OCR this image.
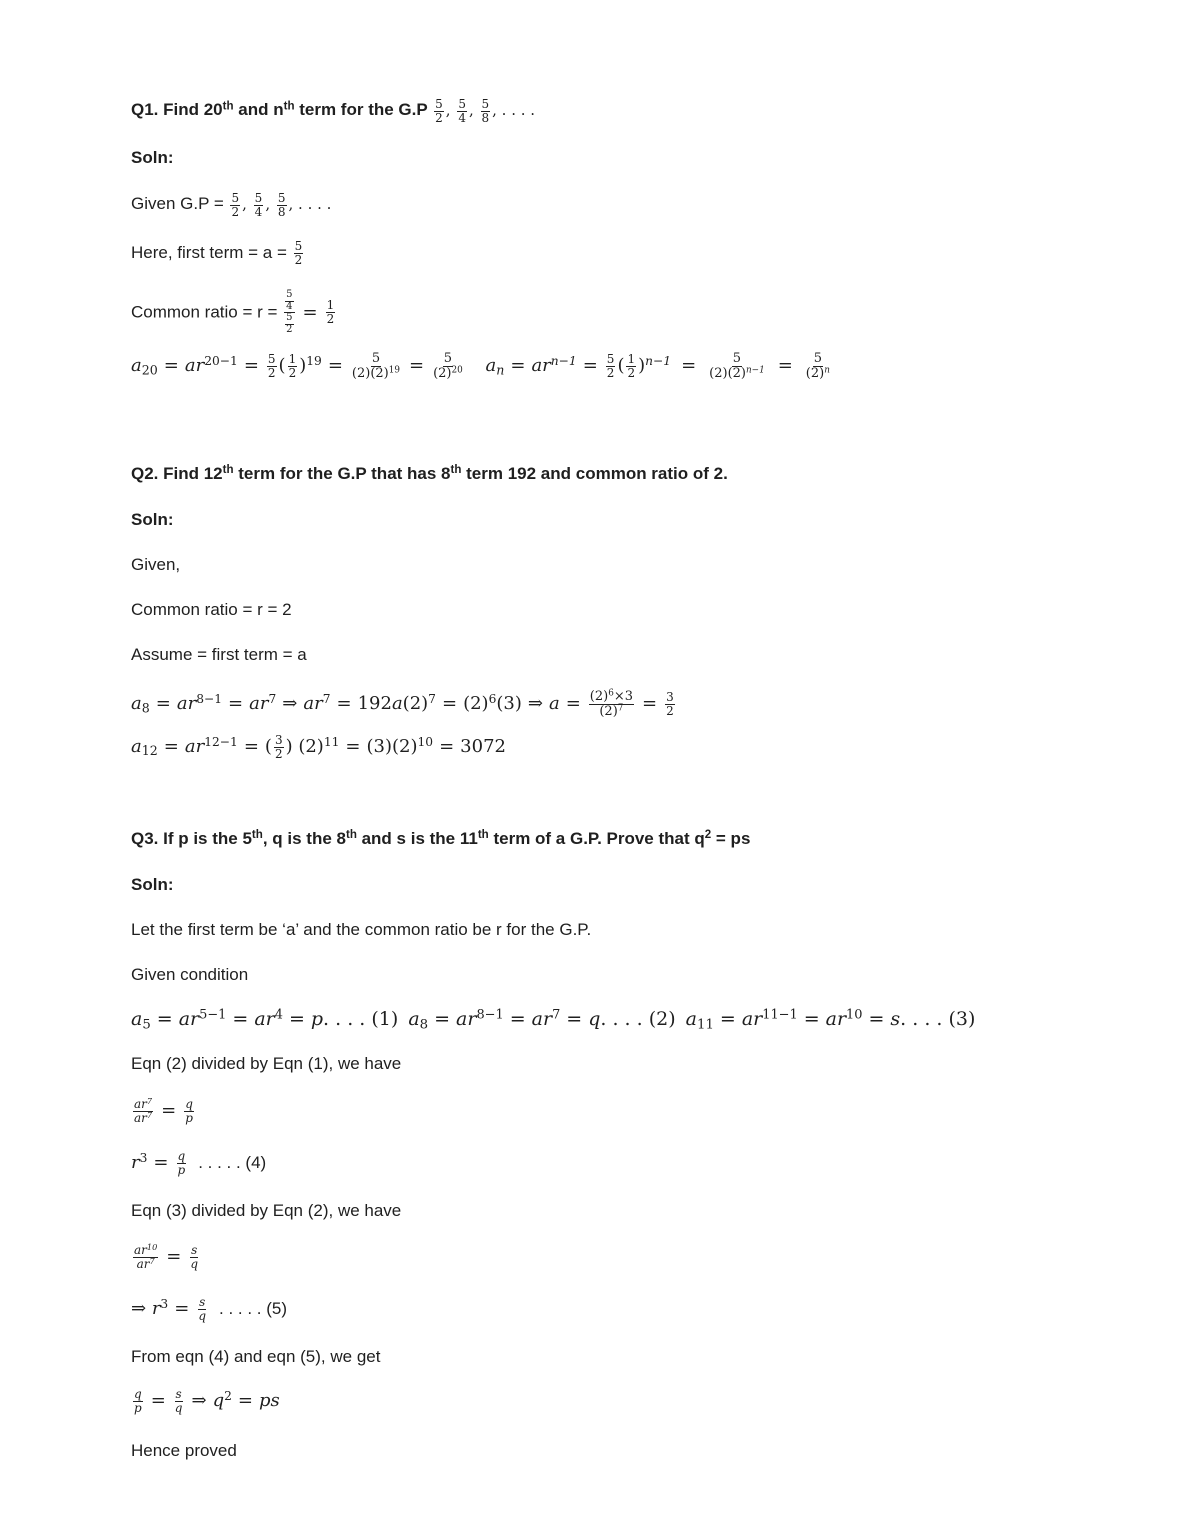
Q1. Find 20th and $n^{th}$ term for the $G.P \frac{5}{2}$ , $\frac{5}{4}$ , $\frac{5}{8}$ , . . . .
Soln:
Given $G.P = \frac{5}{2}$ , $\frac{5}{4}$ , $\frac{5}{8}$ , . . . .
Here, first term = $a = \frac{5}{2}$
Common ratio = $r = \frac{\frac{5}{4}}{\frac{5}{2}} = \frac{1}{2}$
$a_{20} = ar^{20-1} = \frac{5}{2}$ ( $\frac{1}{2} )^{19} = \frac{5}{(2)(2)^{19}} = \frac{5}{(2)^{20}} a_n = ar^{n-1} = \frac{5}{2}$ ( $\frac{1}{2} )^{n-1} = \frac{5}{(2)(2)^{n-1}} = \frac{5}{(2)^n}$
Q2. Find 12th term for the G.P that has 8th term 192 and common ratio of 2.
Soln:
Given,
Common ratio = r = 2
Assume = first term = a
$a_8 = ar^{8-1} = ar^7$ ⇒ $ar^7 = 192a(2)^7 = (2)^6(3)$ ⇒ $a = \frac{(2)^6\times 3}{(2)^7} = \frac{3}{2}$
$a_{12} = ar^{12-1}$ = ( $\frac{3}{2}$ ) $(2)^{11} = (3)(2)^{10} = 3072$
Q3. If p is the 5th, q is the 8th and s is the 11th term of a G.P. Prove that $q^2$ = ps
Soln:
Let the first term be ‘a’ and the common ratio be r for the G.P.
Given condition
$a_5 = ar^{5-1} = ar^4 = p$. . . . (1) $a_8 = ar^{8-1} = ar^7 = q$. . . . (2) $a_{11} = ar^{11-1} = ar^{10} = s$. . . . (3)
Eqn (2) divided by Eqn (1), we have
$\frac{ar^7}{ar^7} = \frac{q}{p}$
$r^3 = \frac{q}{p}$ . . . . . (4)
Eqn (3) divided by Eqn (2), we have
$\frac{ar^{10}}{ar^7} = \frac{s}{q}$
⇒ $r^3 = \frac{s}{q}$ . . . . . (5)
From eqn (4) and eqn (5), we get
$\frac{q}{p} = \frac{s}{q}$ ⇒ $q^2$ = ps
Hence proved
